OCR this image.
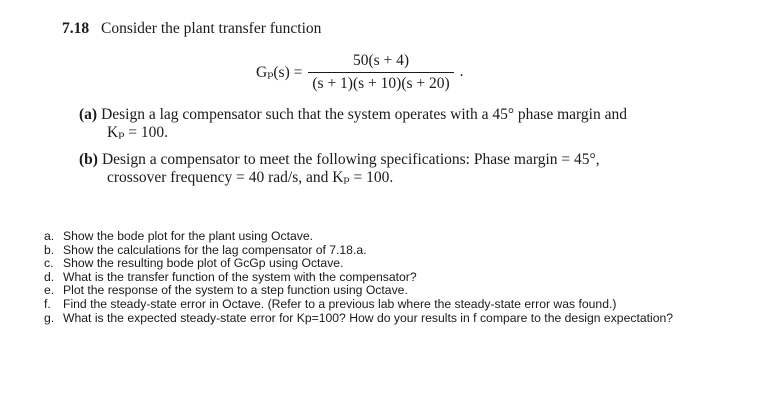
7.18 Consider the plant transfer function
$G_p(s) = \frac{50(s + 4)}{(s + 1)(s + 10)(s + 20)}$ .
(a) Design a lag compensator such that the system operates with a 45° phase margin and
Kₚ = 100.
(b) Design a compensator to meet the following specifications: Phase margin = 45°,
crossover frequency = 40 rad/s, and Kₚ = 100.
a. Show the bode plot for the plant using Octave.
b. Show the calculations for the lag compensator of 7.18.a.
c. Show the resulting bode plot of GcGp using Octave.
d. What is the transfer function of the system with the compensator?
e. Plot the response of the system to a step function using Octave.
f.	Find the steady-state error in Octave. (Refer to a previous lab where the steady-state error was found.)
g. What is the expected steady-state error for Kp=100? How do your results in f compare to the design expectation?
